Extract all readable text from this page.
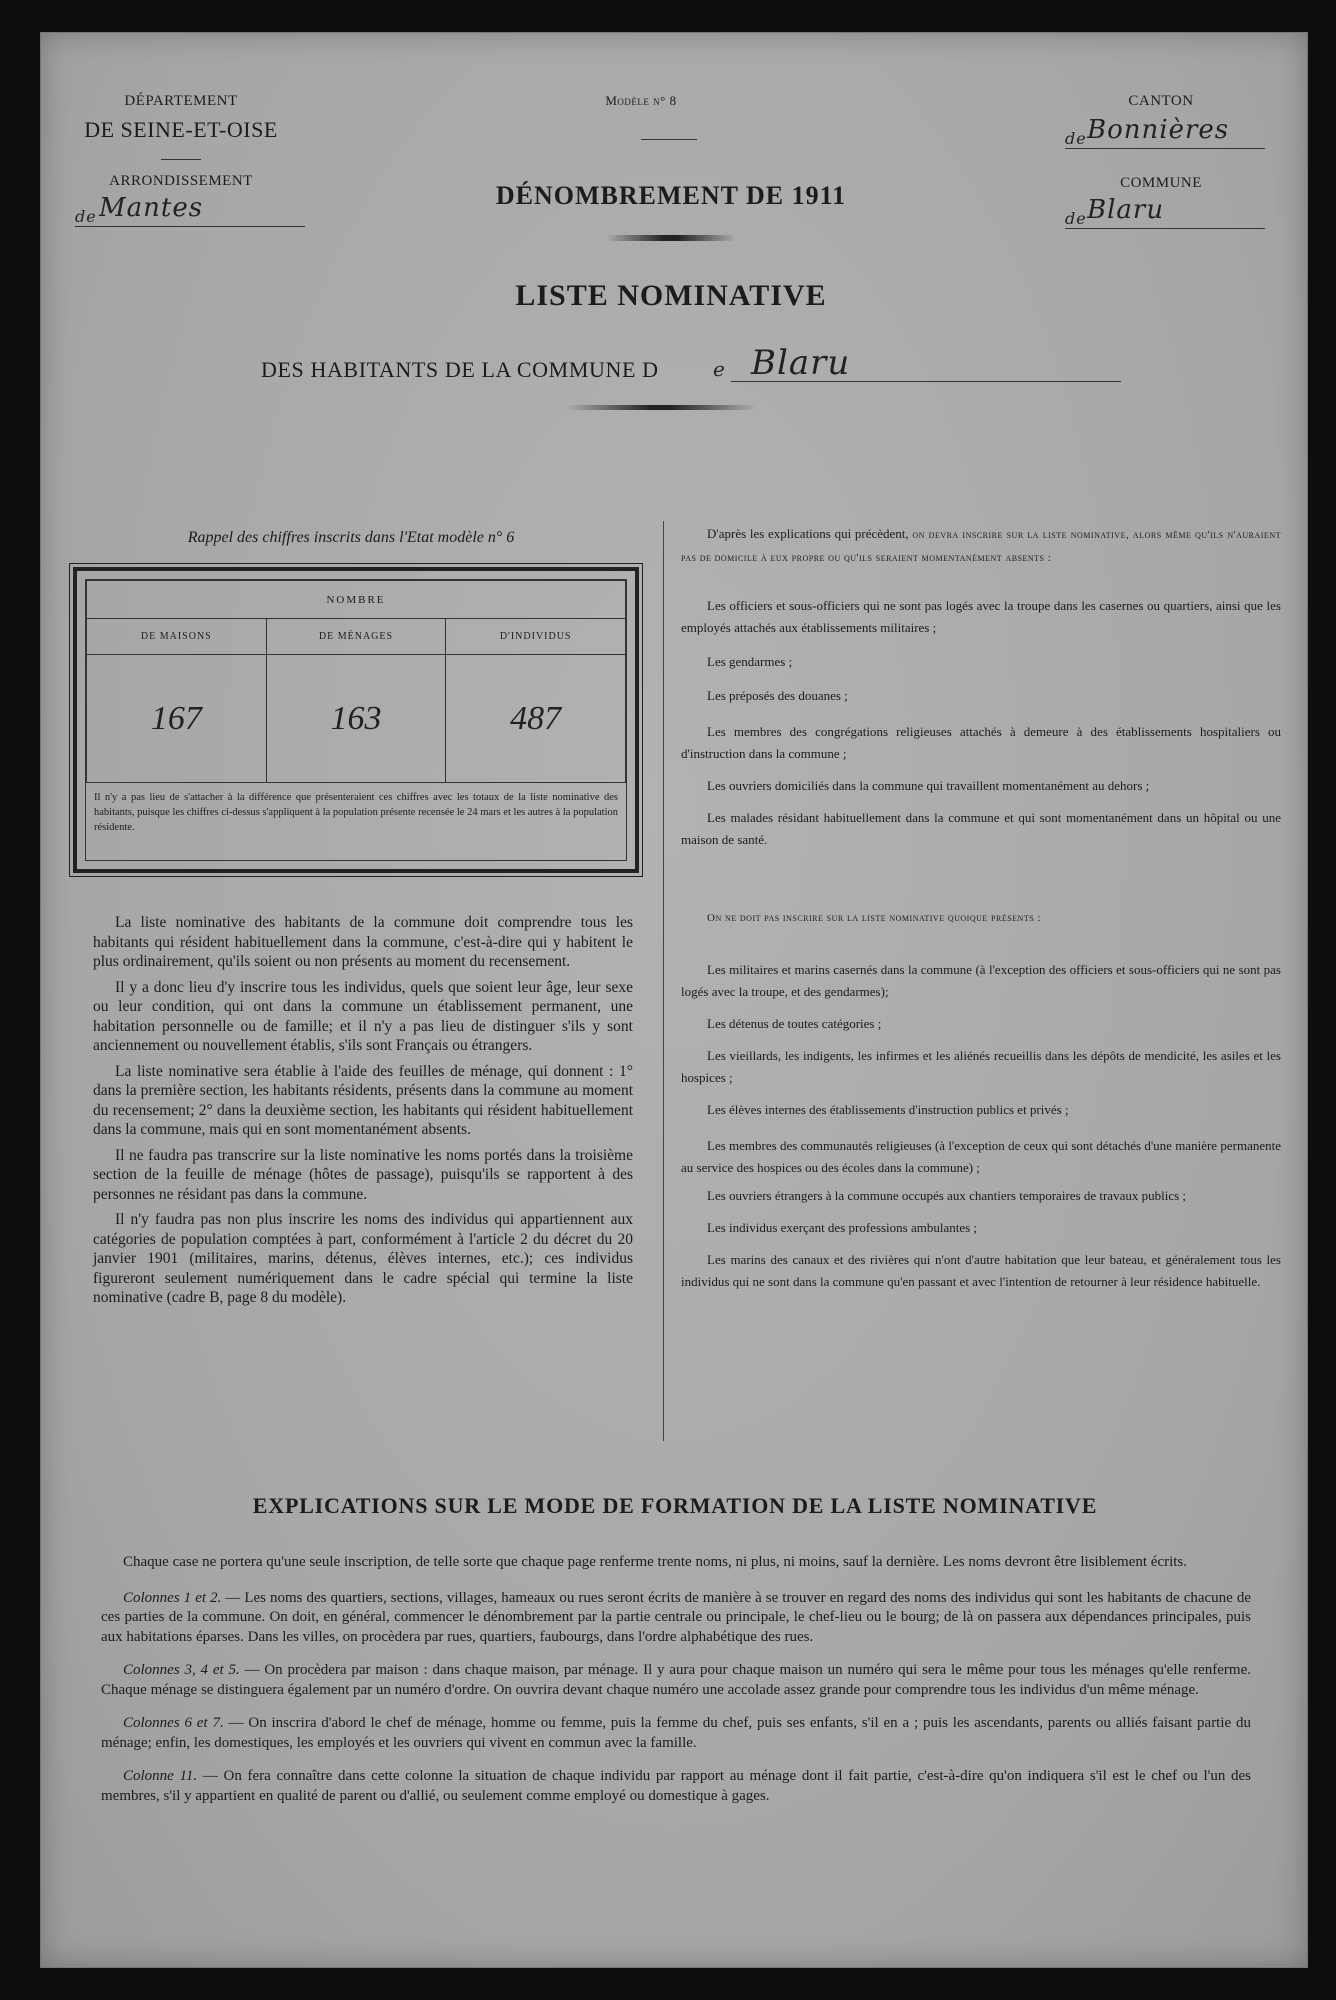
DÉPARTEMENT
DE SEINE-ET-OISE
ARRONDISSEMENT
de Mantes
Modèle n° 8
DÉNOMBREMENT DE 1911
CANTON
de Bonnières
COMMUNE
de Blaru
LISTE NOMINATIVE
DES HABITANTS DE LA COMMUNE D	e Blaru
Rappel des chiffres inscrits dans l'Etat modèle n° 6
NOMBRE		
DE MAISONS	DE MÉNAGES	D'INDIVIDUS
167	163	487
Il n'y a pas lieu de s'attacher à la différence que présenteraient ces chiffres avec les totaux de la liste nominative des habitants, puisque les chiffres ci-dessus s'appliquent à la population présente recensée le 24 mars et les autres à la population résidente.

La liste nominative des habitants de la commune doit comprendre tous les habitants qui résident habituellement dans la commune, c'est-à-dire qui y habitent le plus ordinairement, qu'ils soient ou non présents au moment du recensement.

Il y a donc lieu d'y inscrire tous les individus, quels que soient leur âge, leur sexe ou leur condition, qui ont dans la commune un établissement permanent, une habitation personnelle ou de famille; et il n'y a pas lieu de distinguer s'ils y sont anciennement ou nouvellement établis, s'ils sont Français ou étrangers.

La liste nominative sera établie à l'aide des feuilles de ménage, qui donnent : 1° dans la première section, les habitants résidents, présents dans la commune au moment du recensement; 2° dans la deuxième section, les habitants qui résident habituellement dans la commune, mais qui en sont momentanément absents.

Il ne faudra pas transcrire sur la liste nominative les noms portés dans la troisième section de la feuille de ménage (hôtes de passage), puisqu'ils se rapportent à des personnes ne résidant pas dans la commune.

Il n'y faudra pas non plus inscrire les noms des individus qui appartiennent aux catégories de population comptées à part, conformément à l'article 2 du décret du 20 janvier 1901 (militaires, marins, détenus, élèves internes, etc.); ces individus figureront seulement numériquement dans le cadre spécial qui termine la liste nominative (cadre B, page 8 du modèle).

D'après les explications qui précèdent, on devra inscrire sur la liste nominative, alors même qu'ils n'auraient pas de domicile à eux propre ou qu'ils seraient momentanément absents :

Les officiers et sous-officiers qui ne sont pas logés avec la troupe dans les casernes ou quartiers, ainsi que les employés attachés aux établissements militaires ;

Les gendarmes ;

Les préposés des douanes ;

Les membres des congrégations religieuses attachés à demeure à des établissements hospitaliers ou d'instruction dans la commune ;

Les ouvriers domiciliés dans la commune qui travaillent momentanément au dehors ;

Les malades résidant habituellement dans la commune et qui sont momentanément dans un hôpital ou une maison de santé.

On ne doit pas inscrire sur la liste nominative quoique présents :

Les militaires et marins casernés dans la commune (à l'exception des officiers et sous-officiers qui ne sont pas logés avec la troupe, et des gendarmes);

Les détenus de toutes catégories ;

Les vieillards, les indigents, les infirmes et les aliénés recueillis dans les dépôts de mendicité, les asiles et les hospices ;

Les élèves internes des établissements d'instruction publics et privés ;

Les membres des communautés religieuses (à l'exception de ceux qui sont détachés d'une manière permanente au service des hospices ou des écoles dans la commune) ;

Les ouvriers étrangers à la commune occupés aux chantiers temporaires de travaux publics ;

Les individus exerçant des professions ambulantes ;

Les marins des canaux et des rivières qui n'ont d'autre habitation que leur bateau, et généralement tous les individus qui ne sont dans la commune qu'en passant et avec l'intention de retourner à leur résidence habituelle.

EXPLICATIONS SUR LE MODE DE FORMATION DE LA LISTE NOMINATIVE

Chaque case ne portera qu'une seule inscription, de telle sorte que chaque page renferme trente noms, ni plus, ni moins, sauf la dernière. Les noms devront être lisiblement écrits.

Colonnes 1 et 2. — Les noms des quartiers, sections, villages, hameaux ou rues seront écrits de manière à se trouver en regard des noms des individus qui sont les habitants de chacune de ces parties de la commune. On doit, en général, commencer le dénombrement par la partie centrale ou principale, le chef-lieu ou le bourg; de là on passera aux dépendances principales, puis aux habitations éparses. Dans les villes, on procèdera par rues, quartiers, faubourgs, dans l'ordre alphabétique des rues.

Colonnes 3, 4 et 5. — On procèdera par maison : dans chaque maison, par ménage. Il y aura pour chaque maison un numéro qui sera le même pour tous les ménages qu'elle renferme. Chaque ménage se distinguera également par un numéro d'ordre. On ouvrira devant chaque numéro une accolade assez grande pour comprendre tous les individus d'un même ménage.

Colonnes 6 et 7. — On inscrira d'abord le chef de ménage, homme ou femme, puis la femme du chef, puis ses enfants, s'il en a ; puis les ascendants, parents ou alliés faisant partie du ménage; enfin, les domestiques, les employés et les ouvriers qui vivent en commun avec la famille.

Colonne 11. — On fera connaître dans cette colonne la situation de chaque individu par rapport au ménage dont il fait partie, c'est-à-dire qu'on indiquera s'il est le chef ou l'un des membres, s'il y appartient en qualité de parent ou d'allié, ou seulement comme employé ou domestique à gages.
